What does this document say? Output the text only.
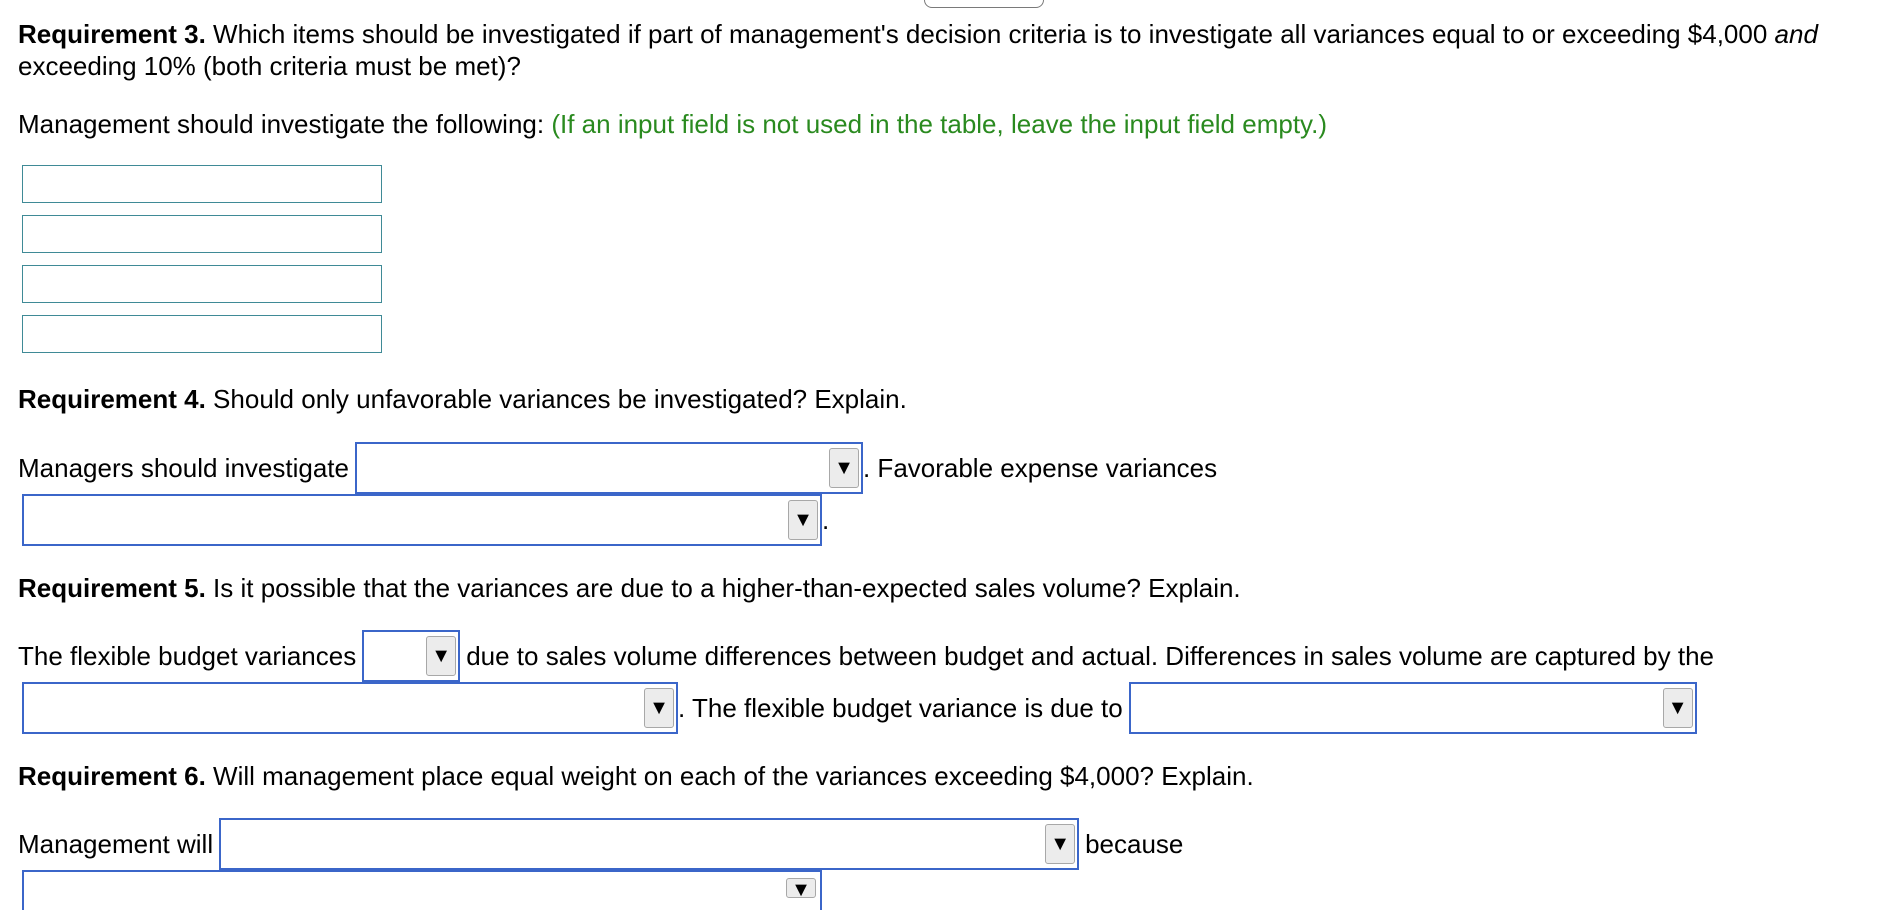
Requirement 3. Which items should be investigated if part of management's decision criteria is to investigate all variances equal to or exceeding $4,000 and
exceeding 10% (both criteria must be met)?
Management should investigate the following: (If an input field is not used in the table, leave the input field empty.)
Requirement 4. Should only unfavorable variances be investigated? Explain.
Managers should investigate	▼ . Favorable expense variances
▼ .
Requirement 5. Is it possible that the variances are due to a higher-than-expected sales volume? Explain.
The flexible budget variances	▼ due to sales volume differences between budget and actual. Differences in sales volume are captured by the
▼ . The flexible budget variance is due to	▼
Requirement 6. Will management place equal weight on each of the variances exceeding $4,000? Explain.
Management will	▼ because
▼
